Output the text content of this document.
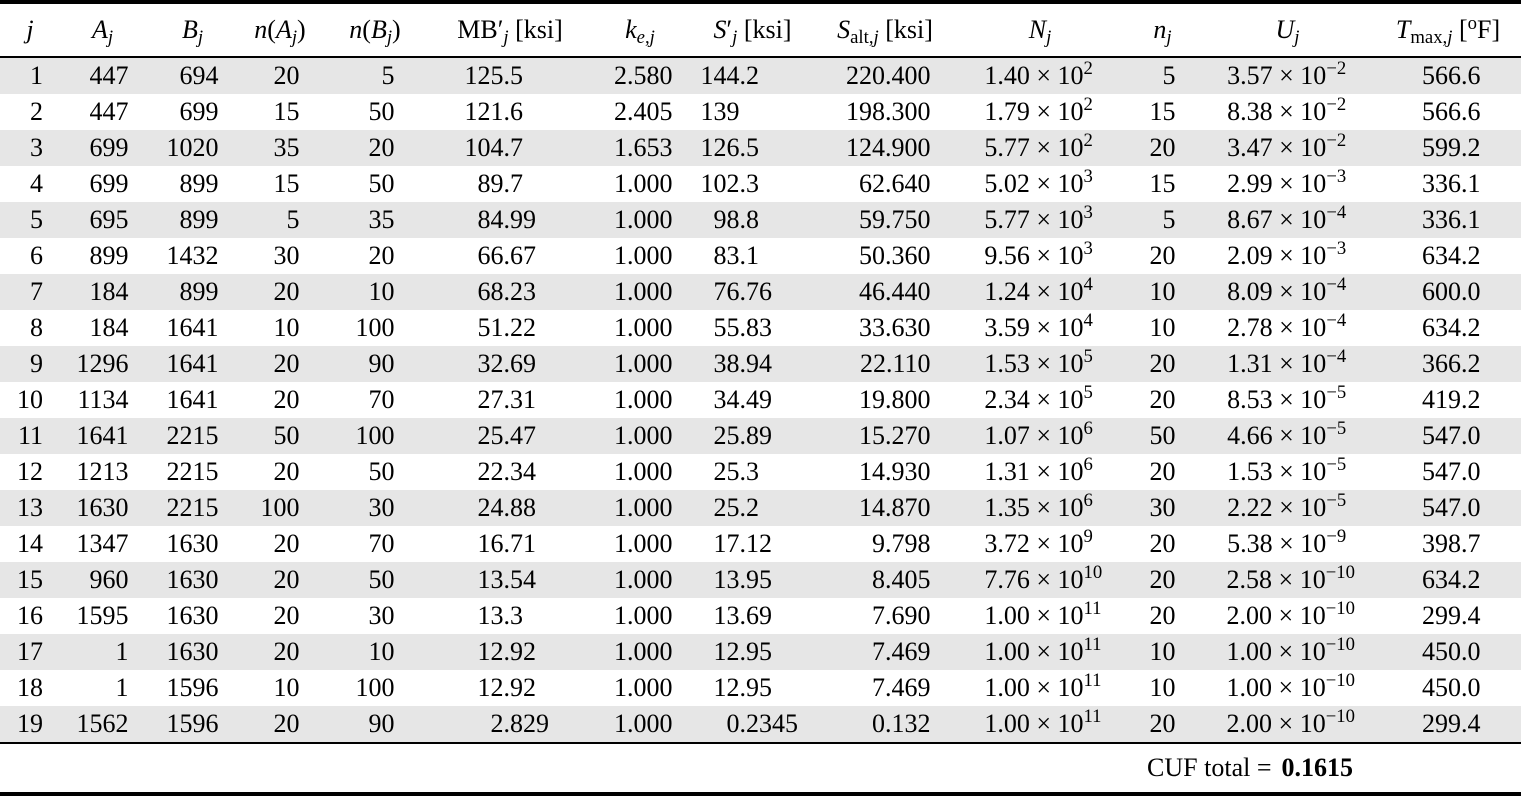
j	$A_j$	$B_j$	$n(A_j)$	$n(B_j)$	$MB'_j$ [ksi]	$k_{e,j}$	$S'_j$ [ksi]	$S_{alt,j}$ [ksi]	$N_j$	$n_j$	$U_j$	$T_{max,j}$ [$^o$F]
1	447	694	20	5	125.5	2.580	144.2	220.400	$1.40 \times 10^2$	5	$3.57 \times 10^{-2}$	566.6
2	447	699	15	50	121.6	2.405	139	198.300	$1.79 \times 10^2$	15	$8.38 \times 10^{-2}$	566.6
3	699	1020	35	20	104.7	1.653	126.5	124.900	$5.77 \times 10^2$	20	$3.47 \times 10^{-2}$	599.2
4	699	899	15	50	89.7	1.000	102.3	62.640	$5.02 \times 10^3$	15	$2.99 \times 10^{-3}$	336.1
5	695	899	5	35	84.99	1.000	98.8	59.750	$5.77 \times 10^3$	5	$8.67 \times 10^{-4}$	336.1
6	899	1432	30	20	66.67	1.000	83.1	50.360	$9.56 \times 10^3$	20	$2.09 \times 10^{-3}$	634.2
7	184	899	20	10	68.23	1.000	76.76	46.440	$1.24 \times 10^4$	10	$8.09 \times 10^{-4}$	600.0
8	184	1641	10	100	51.22	1.000	55.83	33.630	$3.59 \times 10^4$	10	$2.78 \times 10^{-4}$	634.2
9	1296	1641	20	90	32.69	1.000	38.94	22.110	$1.53 \times 10^5$	20	$1.31 \times 10^{-4}$	366.2
10	1134	1641	20	70	27.31	1.000	34.49	19.800	$2.34 \times 10^5$	20	$8.53 \times 10^{-5}$	419.2
11	1641	2215	50	100	25.47	1.000	25.89	15.270	$1.07 \times 10^6$	50	$4.66 \times 10^{-5}$	547.0
12	1213	2215	20	50	22.34	1.000	25.3	14.930	$1.31 \times 10^6$	20	$1.53 \times 10^{-5}$	547.0
13	1630	2215	100	30	24.88	1.000	25.2	14.870	$1.35 \times 10^6$	30	$2.22 \times 10^{-5}$	547.0
14	1347	1630	20	70	16.71	1.000	17.12	9.798	$3.72 \times 10^9$	20	$5.38 \times 10^{-9}$	398.7
15	960	1630	20	50	13.54	1.000	13.95	8.405	$7.76 \times 10^{10}$	20	$2.58 \times 10^{-10}$	634.2
16	1595	1630	20	30	13.3	1.000	13.69	7.690	$1.00 \times 10^{11}$	20	$2.00 \times 10^{-10}$	299.4
17	1	1630	20	10	12.92	1.000	12.95	7.469	$1.00 \times 10^{11}$	10	$1.00 \times 10^{-10}$	450.0
18	1	1596	10	100	12.92	1.000	12.95	7.469	$1.00 \times 10^{11}$	10	$1.00 \times 10^{-10}$	450.0
19	1562	1596	20	90	2.829	1.000	0.2345	0.132	$1.00 \times 10^{11}$	20	$2.00 \times 10^{-10}$	299.4
CUF total = 0.1615												
